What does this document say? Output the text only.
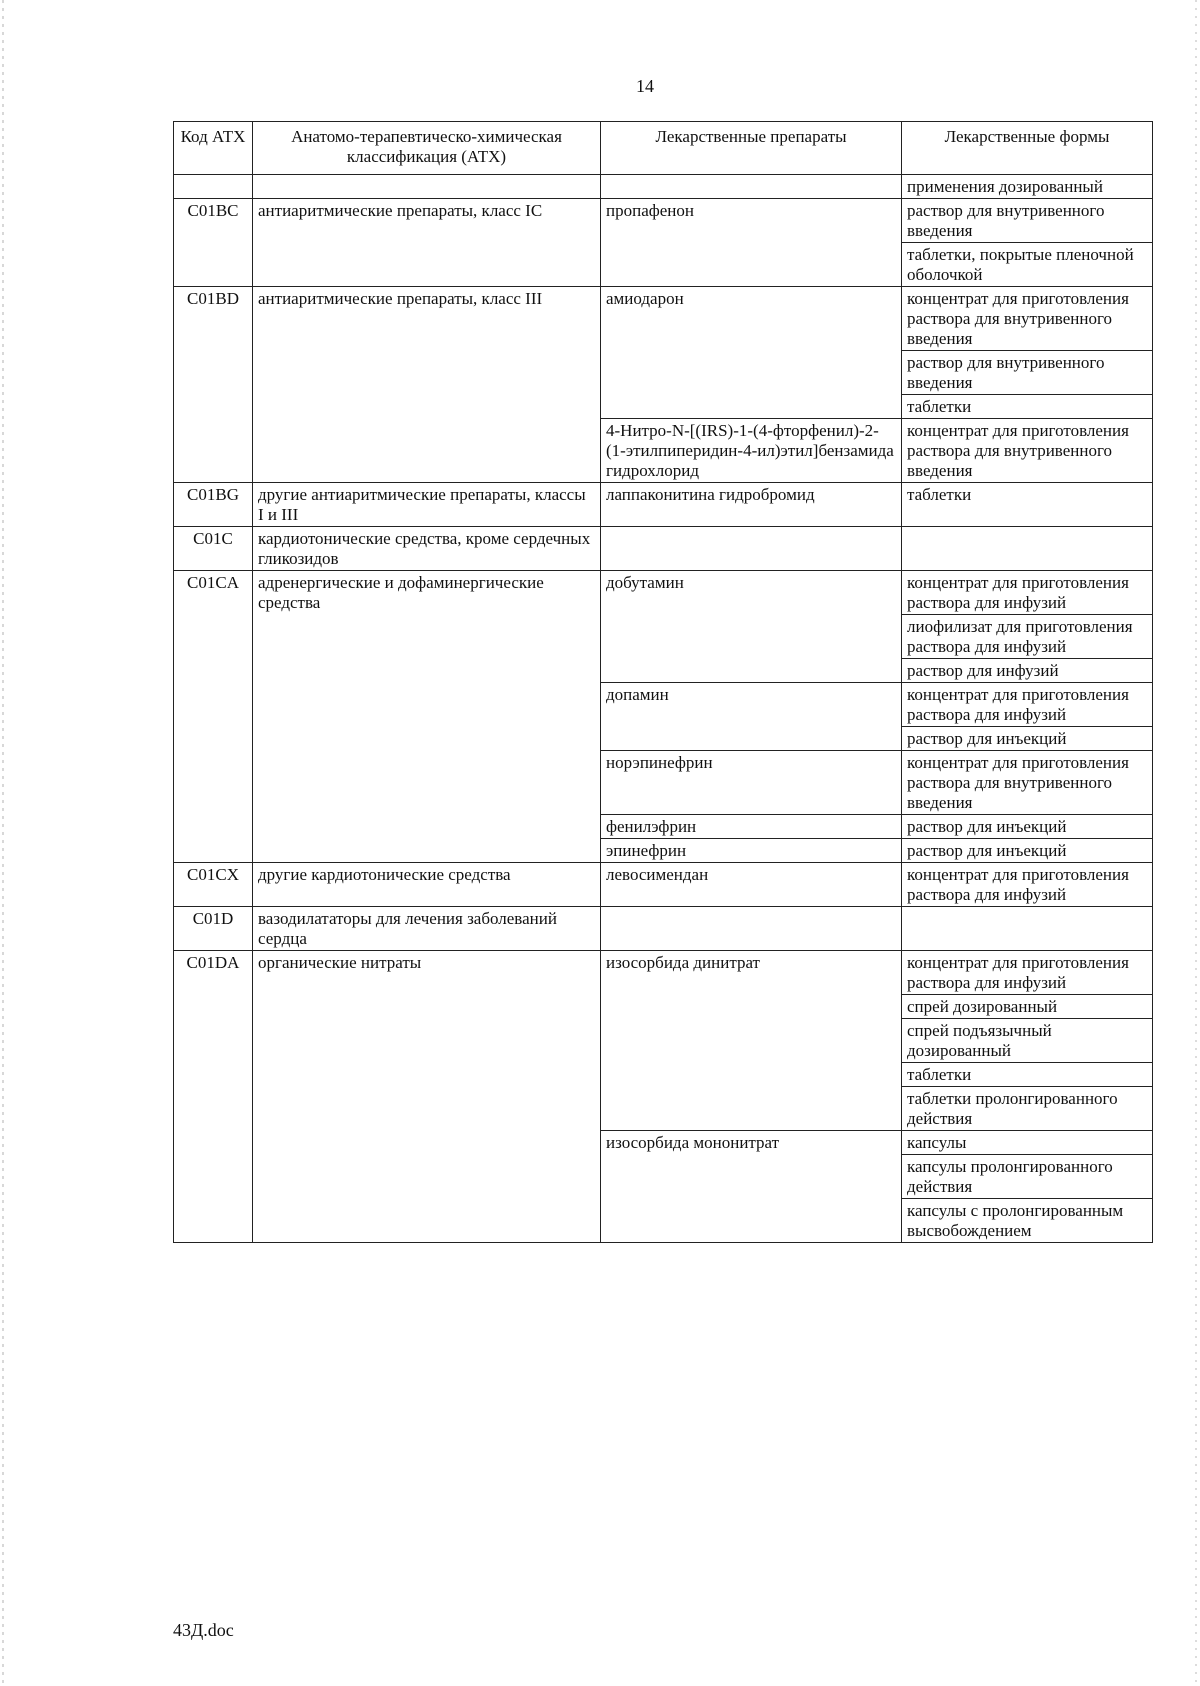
14
Код АТХ	Анатомо-терапевтическо-химическая классификация (АТХ)	Лекарственные препараты	Лекарственные формы
			применения дозированный
C01BC	антиаритмические препараты, класс IC	пропафенон	раствор для внутривенного введения
			таблетки, покрытые пленочной оболочкой
C01BD	антиаритмические препараты, класс III	амиодарон	концентрат для приготовления раствора для внутривенного введения
			раствор для внутривенного введения
			таблетки
		4-Нитро-N-[(IRS)-1-(4-фторфенил)-2-(1-этилпиперидин-4-ил)этил]бензамида гидрохлорид	концентрат для приготовления раствора для внутривенного введения
C01BG	другие антиаритмические препараты, классы I и III	лаппаконитина гидробромид	таблетки
C01C	кардиотонические средства, кроме сердечных гликозидов		
C01CA	адренергические и дофаминергические средства	добутамин	концентрат для приготовления раствора для инфузий
			лиофилизат для приготовления раствора для инфузий
			раствор для инфузий
		допамин	концентрат для приготовления раствора для инфузий
			раствор для инъекций
		норэпинефрин	концентрат для приготовления раствора для внутривенного введения
		фенилэфрин	раствор для инъекций
		эпинефрин	раствор для инъекций
C01CX	другие кардиотонические средства	левосимендан	концентрат для приготовления раствора для инфузий
C01D	вазодилататоры для лечения заболеваний сердца		
C01DA	органические нитраты	изосорбида динитрат	концентрат для приготовления раствора для инфузий
			спрей дозированный
			спрей подъязычный дозированный
			таблетки
			таблетки пролонгированного действия
		изосорбида мононитрат	капсулы
			капсулы пролонгированного действия
			капсулы с пролонгированным высвобождением
43Д.doc
